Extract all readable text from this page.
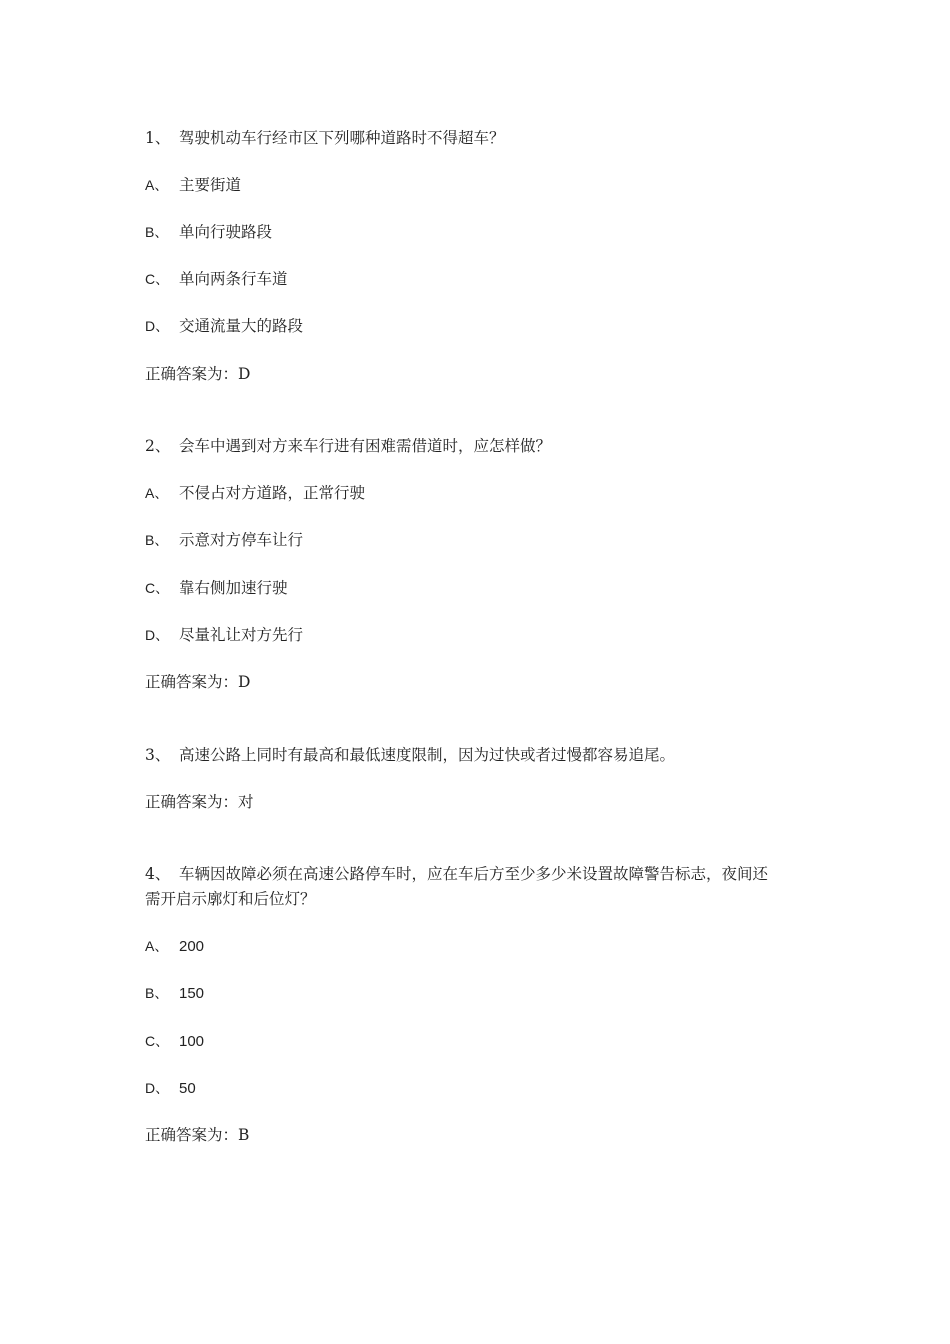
1、 驾驶机动车行经市区下列哪种道路时不得超车？
A、 主要街道
B、 单向行驶路段
C、 单向两条行车道
D、 交通流量大的路段
正确答案为：D
2、 会车中遇到对方来车行进有困难需借道时，应怎样做？
A、 不侵占对方道路，正常行驶
B、 示意对方停车让行
C、 靠右侧加速行驶
D、 尽量礼让对方先行
正确答案为：D
3、 高速公路上同时有最高和最低速度限制，因为过快或者过慢都容易追尾。
正确答案为：对
4、 车辆因故障必须在高速公路停车时，应在车后方至少多少米设置故障警告标志，夜间还
需开启示廓灯和后位灯？
A、 200
B、 150
C、 100
D、 50
正确答案为：B
